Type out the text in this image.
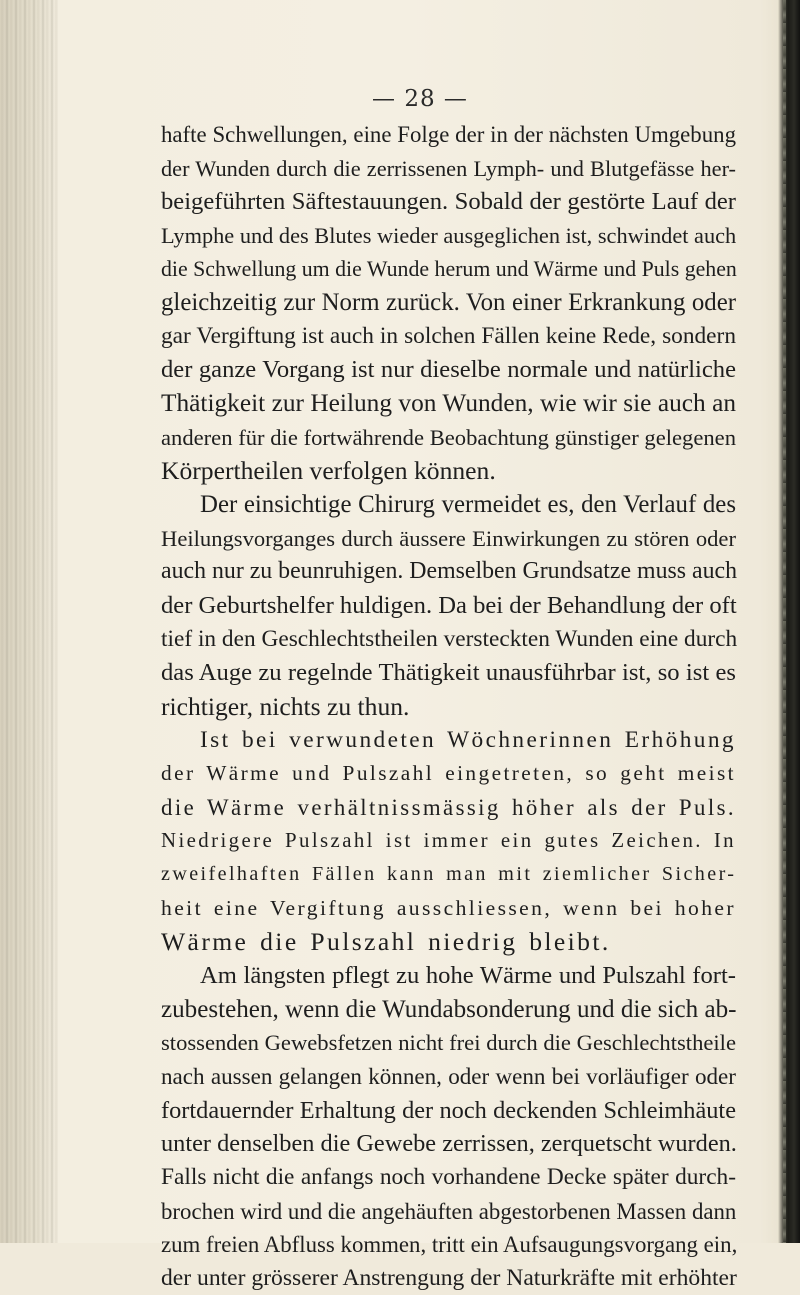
— 28 —
hafte Schwellungen, eine Folge der in der nächsten Umgebung
der Wunden durch die zerrissenen Lymph- und Blutgefässe her-
beigeführten Säftestauungen. Sobald der gestörte Lauf der
Lymphe und des Blutes wieder ausgeglichen ist, schwindet auch
die Schwellung um die Wunde herum und Wärme und Puls gehen
gleichzeitig zur Norm zurück. Von einer Erkrankung oder
gar Vergiftung ist auch in solchen Fällen keine Rede, sondern
der ganze Vorgang ist nur dieselbe normale und natürliche
Thätigkeit zur Heilung von Wunden, wie wir sie auch an
anderen für die fortwährende Beobachtung günstiger gelegenen
Körpertheilen verfolgen können.
Der einsichtige Chirurg vermeidet es, den Verlauf des
Heilungsvorganges durch äussere Einwirkungen zu stören oder
auch nur zu beunruhigen. Demselben Grundsatze muss auch
der Geburtshelfer huldigen. Da bei der Behandlung der oft
tief in den Geschlechtstheilen versteckten Wunden eine durch
das Auge zu regelnde Thätigkeit unausführbar ist, so ist es
richtiger, nichts zu thun.
Ist bei verwundeten Wöchnerinnen Erhöhung
der Wärme und Pulszahl eingetreten, so geht meist
die Wärme verhältnissmässig höher als der Puls.
Niedrigere Pulszahl ist immer ein gutes Zeichen. In
zweifelhaften Fällen kann man mit ziemlicher Sicher-
heit eine Vergiftung ausschliessen, wenn bei hoher
Wärme die Pulszahl niedrig bleibt.
Am längsten pflegt zu hohe Wärme und Pulszahl fort-
zubestehen, wenn die Wundabsonderung und die sich ab-
stossenden Gewebsfetzen nicht frei durch die Geschlechtstheile
nach aussen gelangen können, oder wenn bei vorläufiger oder
fortdauernder Erhaltung der noch deckenden Schleimhäute
unter denselben die Gewebe zerrissen, zerquetscht wurden.
Falls nicht die anfangs noch vorhandene Decke später durch-
brochen wird und die angehäuften abgestorbenen Massen dann
zum freien Abfluss kommen, tritt ein Aufsaugungsvorgang ein,
der unter grösserer Anstrengung der Naturkräfte mit erhöhter
